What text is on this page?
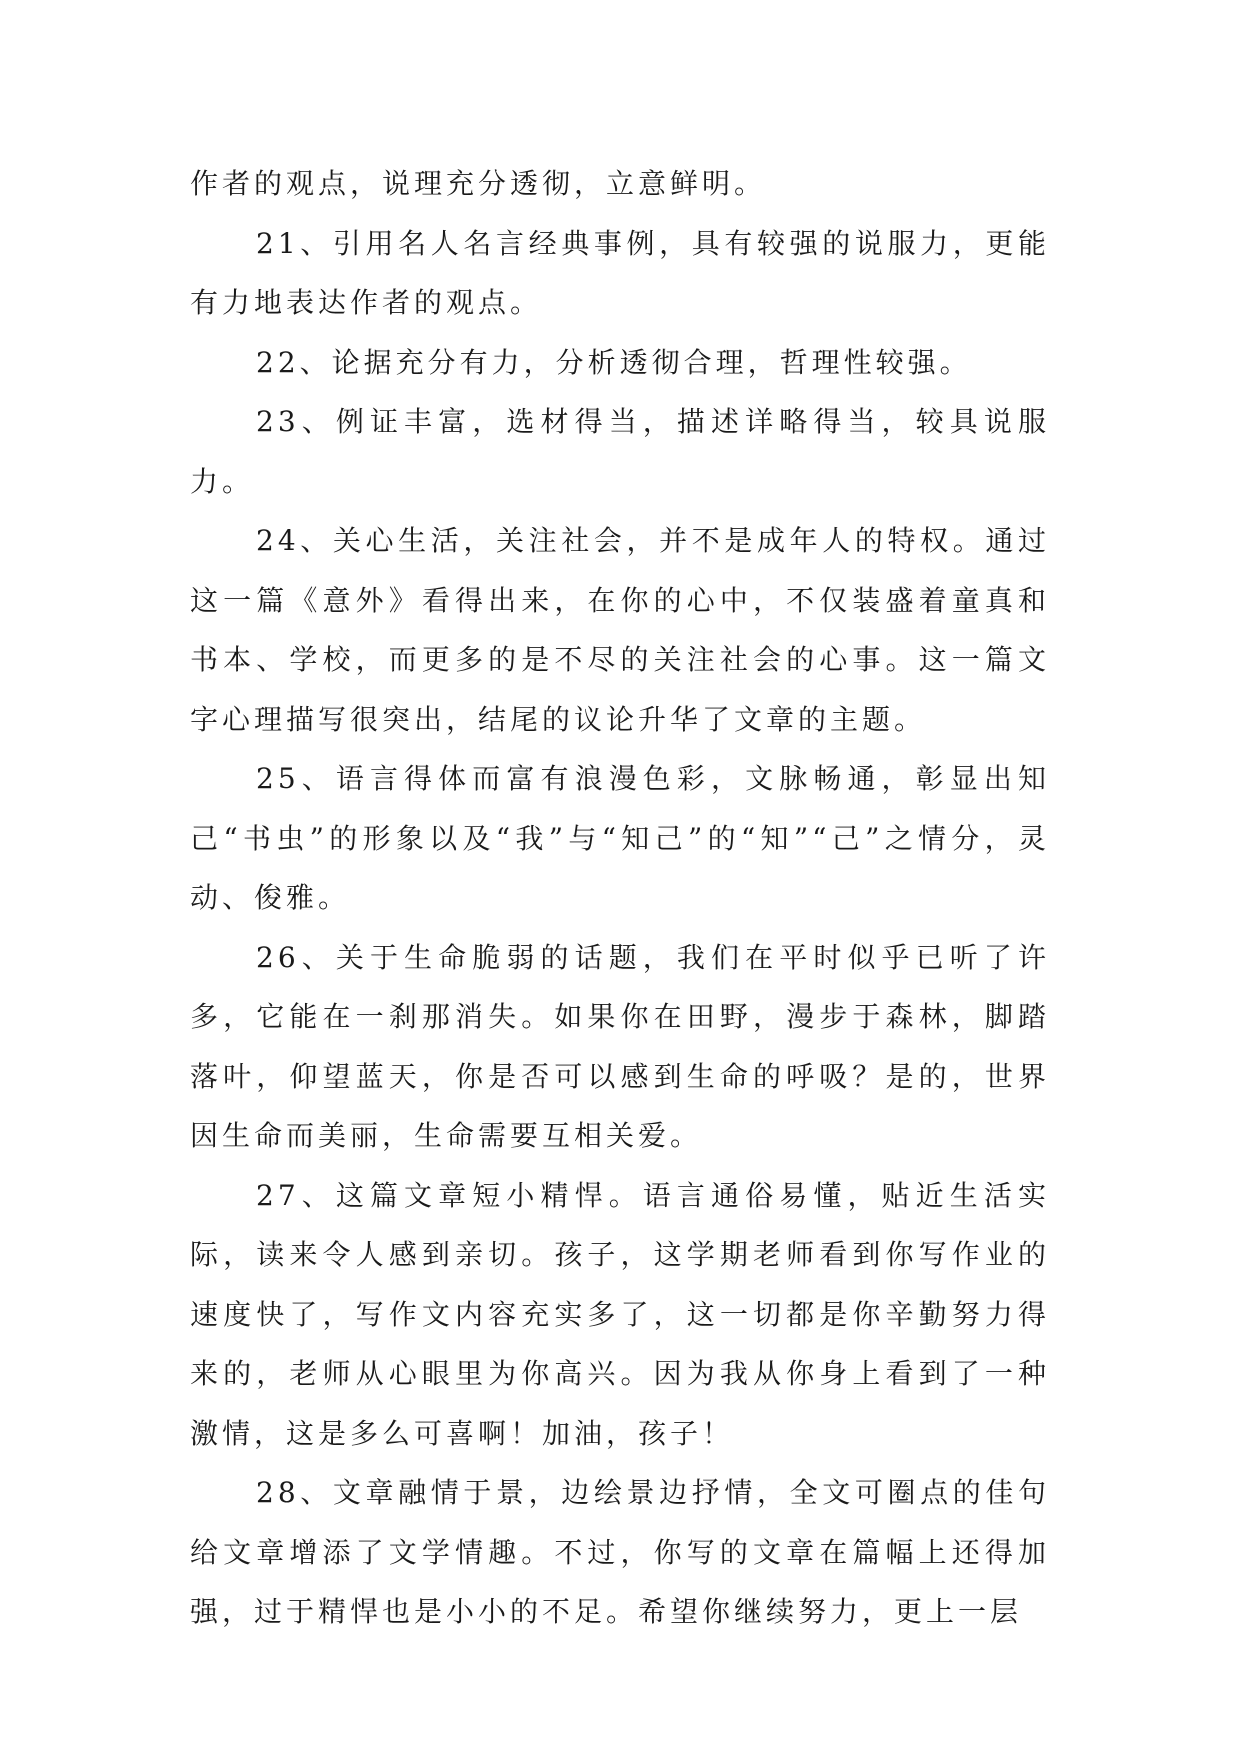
作者的观点，说理充分透彻，立意鲜明。

21、引用名人名言经典事例，具有较强的说服力，更能有力地表达作者的观点。

22、论据充分有力，分析透彻合理，哲理性较强。

23、例证丰富，选材得当，描述详略得当，较具说服力。

24、关心生活，关注社会，并不是成年人的特权。通过这一篇《意外》看得出来，在你的心中，不仅装盛着童真和书本、学校，而更多的是不尽的关注社会的心事。这一篇文字心理描写很突出，结尾的议论升华了文章的主题。

25、语言得体而富有浪漫色彩，文脉畅通，彰显出知己“书虫”的形象以及“我”与“知己”的“知”“己”之情分，灵动、俊雅。

26、关于生命脆弱的话题，我们在平时似乎已听了许多，它能在一刹那消失。如果你在田野，漫步于森林，脚踏落叶，仰望蓝天，你是否可以感到生命的呼吸？是的，世界因生命而美丽，生命需要互相关爱。

27、这篇文章短小精悍。语言通俗易懂，贴近生活实际，读来令人感到亲切。孩子，这学期老师看到你写作业的速度快了，写作文内容充实多了，这一切都是你辛勤努力得来的，老师从心眼里为你高兴。因为我从你身上看到了一种激情，这是多么可喜啊！加油，孩子！

28、文章融情于景，边绘景边抒情，全文可圈点的佳句给文章增添了文学情趣。不过，你写的文章在篇幅上还得加强，过于精悍也是小小的不足。希望你继续努力，更上一层
